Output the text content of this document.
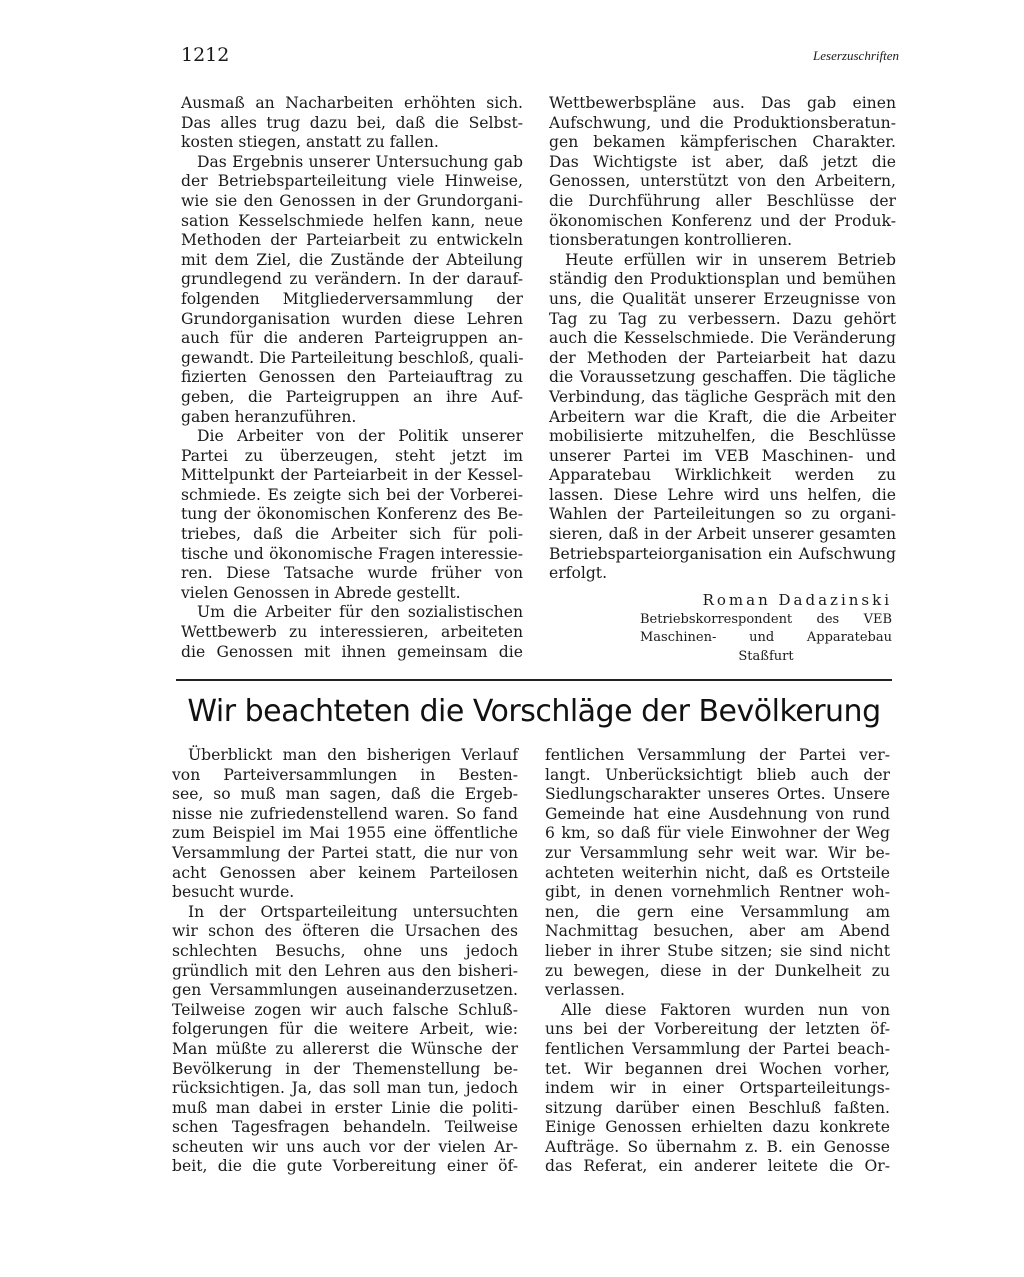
1212	Leserzuschriften
Ausmaß an Nacharbeiten erhöhten sich.
Das alles trug dazu bei, daß die Selbst-
kosten stiegen, anstatt zu fallen.
Das Ergebnis unserer Untersuchung gab
der Betriebsparteileitung viele Hinweise,
wie sie den Genossen in der Grundorgani-
sation Kesselschmiede helfen kann, neue
Methoden der Parteiarbeit zu entwickeln
mit dem Ziel, die Zustände der Abteilung
grundlegend zu verändern. In der darauf-
folgenden Mitgliederversammlung der
Grundorganisation wurden diese Lehren
auch für die anderen Parteigruppen an-
gewandt. Die Parteileitung beschloß, quali-
fizierten Genossen den Parteiauftrag zu
geben, die Parteigruppen an ihre Auf-
gaben heranzuführen.
Die Arbeiter von der Politik unserer
Partei zu überzeugen, steht jetzt im
Mittelpunkt der Parteiarbeit in der Kessel-
schmiede. Es zeigte sich bei der Vorberei-
tung der ökonomischen Konferenz des Be-
triebes, daß die Arbeiter sich für poli-
tische und ökonomische Fragen interessie-
ren. Diese Tatsache wurde früher von
vielen Genossen in Abrede gestellt.
Um die Arbeiter für den sozialistischen
Wettbewerb zu interessieren, arbeiteten
die Genossen mit ihnen gemeinsam die
Wettbewerbspläne aus. Das gab einen
Aufschwung, und die Produktionsberatun-
gen bekamen kämpferischen Charakter.
Das Wichtigste ist aber, daß jetzt die
Genossen, unterstützt von den Arbeitern,
die Durchführung aller Beschlüsse der
ökonomischen Konferenz und der Produk-
tionsberatungen kontrollieren.
Heute erfüllen wir in unserem Betrieb
ständig den Produktionsplan und bemühen
uns, die Qualität unserer Erzeugnisse von
Tag zu Tag zu verbessern. Dazu gehört
auch die Kesselschmiede. Die Veränderung
der Methoden der Parteiarbeit hat dazu
die Voraussetzung geschaffen. Die tägliche
Verbindung, das tägliche Gespräch mit den
Arbeitern war die Kraft, die die Arbeiter
mobilisierte mitzuhelfen, die Beschlüsse
unserer Partei im VEB Maschinen- und
Apparatebau Wirklichkeit werden zu
lassen. Diese Lehre wird uns helfen, die
Wahlen der Parteileitungen so zu organi-
sieren, daß in der Arbeit unserer gesamten
Betriebsparteiorganisation ein Aufschwung
erfolgt.
Roman Dadazinski
Betriebskorrespondent des VEB
Maschinen- und Apparatebau
Staßfurt
Wir beachteten die Vorschläge der Bevölkerung
Überblickt man den bisherigen Verlauf
von Parteiversammlungen in Besten-
see, so muß man sagen, daß die Ergeb-
nisse nie zufriedenstellend waren. So fand
zum Beispiel im Mai 1955 eine öffentliche
Versammlung der Partei statt, die nur von
acht Genossen aber keinem Parteilosen
besucht wurde.
In der Ortsparteileitung untersuchten
wir schon des öfteren die Ursachen des
schlechten Besuchs, ohne uns jedoch
gründlich mit den Lehren aus den bisheri-
gen Versammlungen auseinanderzusetzen.
Teilweise zogen wir auch falsche Schluß-
folgerungen für die weitere Arbeit, wie:
Man müßte zu allererst die Wünsche der
Bevölkerung in der Themenstellung be-
rücksichtigen. Ja, das soll man tun, jedoch
muß man dabei in erster Linie die politi-
schen Tagesfragen behandeln. Teilweise
scheuten wir uns auch vor der vielen Ar-
beit, die die gute Vorbereitung einer öf-
fentlichen Versammlung der Partei ver-
langt. Unberücksichtigt blieb auch der
Siedlungscharakter unseres Ortes. Unsere
Gemeinde hat eine Ausdehnung von rund
6 km, so daß für viele Einwohner der Weg
zur Versammlung sehr weit war. Wir be-
achteten weiterhin nicht, daß es Ortsteile
gibt, in denen vornehmlich Rentner woh-
nen, die gern eine Versammlung am
Nachmittag besuchen, aber am Abend
lieber in ihrer Stube sitzen; sie sind nicht
zu bewegen, diese in der Dunkelheit zu
verlassen.
Alle diese Faktoren wurden nun von
uns bei der Vorbereitung der letzten öf-
fentlichen Versammlung der Partei beach-
tet. Wir begannen drei Wochen vorher,
indem wir in einer Ortsparteileitungs-
sitzung darüber einen Beschluß faßten.
Einige Genossen erhielten dazu konkrete
Aufträge. So übernahm z. B. ein Genosse
das Referat, ein anderer leitete die Or-
